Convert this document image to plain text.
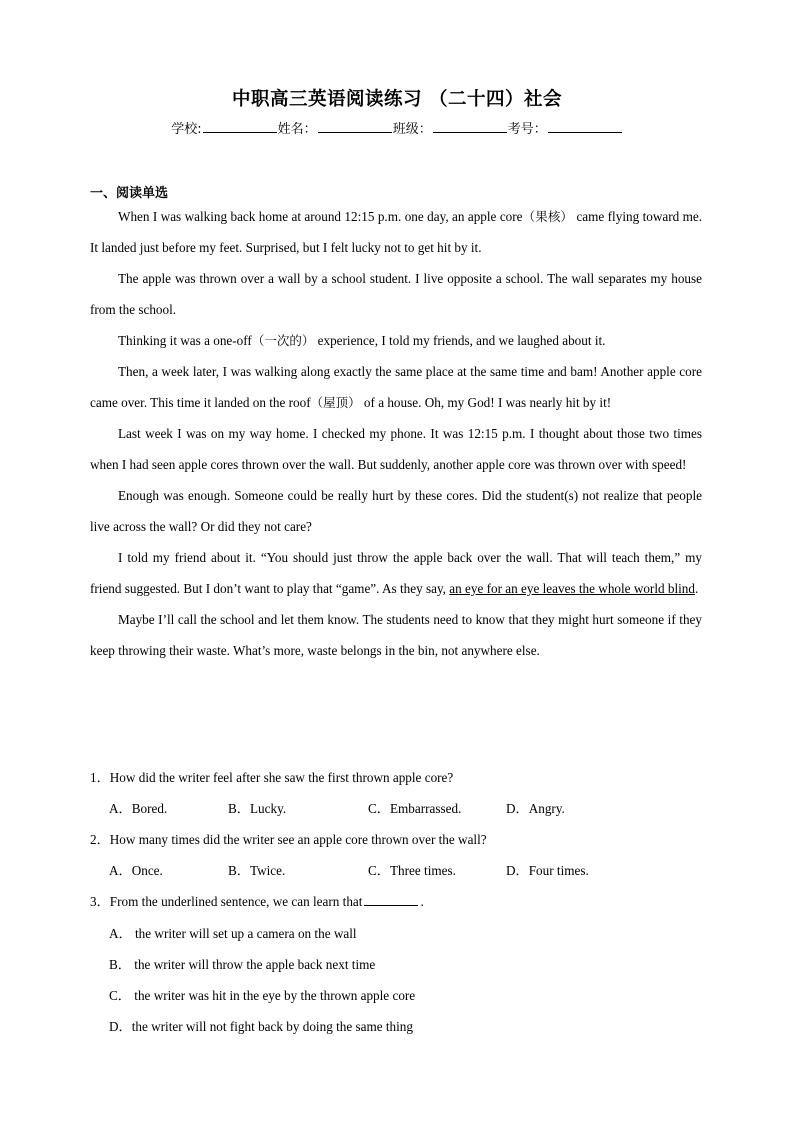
中职高三英语阅读练习 （二十四）社会
学校:	姓名：	班级：	考号：
一、阅读单选

When I was walking back home at around 12:15 p.m. one day, an apple core（果核） came flying toward me. It landed just before my feet. Surprised, but I felt lucky not to get hit by it.

The apple was thrown over a wall by a school student. I live opposite a school. The wall separates my house from the school.

Thinking it was a one-off（一次的） experience, I told my friends, and we laughed about it.

Then, a week later, I was walking along exactly the same place at the same time and bam! Another apple core came over. This time it landed on the roof（屋顶） of a house. Oh, my God! I was nearly hit by it!

Last week I was on my way home. I checked my phone. It was 12:15 p.m. I thought about those two times when I had seen apple cores thrown over the wall. But suddenly, another apple core was thrown over with speed!

Enough was enough. Someone could be really hurt by these cores. Did the student(s) not realize that people live across the wall? Or did they not care?

I told my friend about it. “You should just throw the apple back over the wall. That will teach them,” my friend suggested. But I don’t want to play that “game”. As they say, an eye for an eye leaves the whole world blind.

Maybe I’ll call the school and let them know. The students need to know that they might hurt someone if they keep throwing their waste. What’s more, waste belongs in the bin, not anywhere else.

1．How did the writer feel after she saw the first thrown apple core?
A．Bored.	B．Lucky.	C．Embarrassed.	D．Angry.
2．How many times did the writer see an apple core thrown over the wall?
A．Once.	B．Twice.	C．Three times.	D．Four times.
3．From the underlined sentence, we can learn that	.
A． the writer will set up a camera on the wall
B． the writer will throw the apple back next time
C． the writer was hit in the eye by the thrown apple core
D．the writer will not fight back by doing the same thing
